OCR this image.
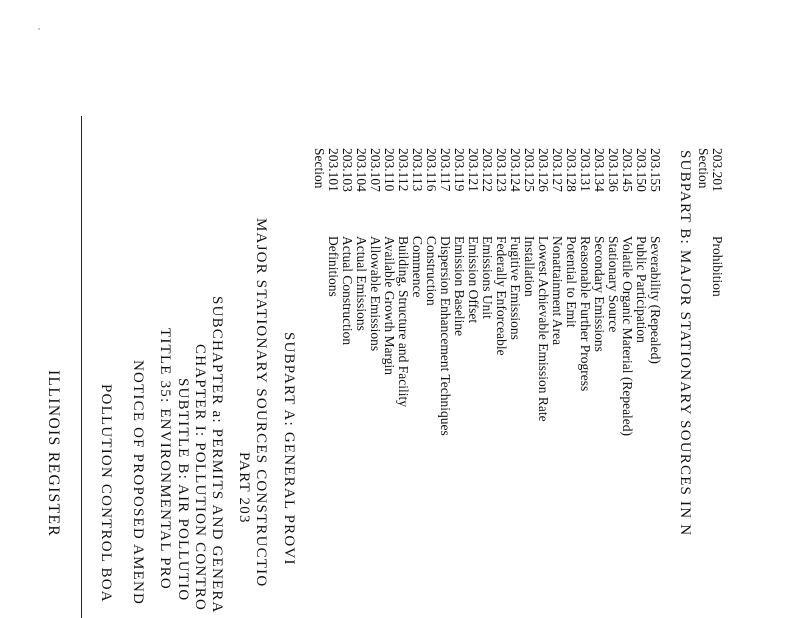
ILLINOIS REGISTER POLLUTION CONTROL BOA NOTICE OF PROPOSED AMEND TITLE 35: ENVIRONMENTAL PRO SUBTITLE B: AIR POLLUTIO CHAPTER I: POLLUTION CONTRO SUBCHAPTER a: PERMITS AND GENERA PART 203 MAJOR STATIONARY SOURCES CONSTRUCTIO SUBPART A: GENERAL PROVI
Section 203.101
Definitions
203.103
Actual Construction
203.104
Actual Emissions
203.107
Allowable Emissions
203.110
Available Growth Margin
203.112
Building, Structure and Facility
203.113
Commence
203.116
Construction
203.117
Dispersion Enhancement Techniques
203.119
Emission Baseline
203.121
Emission Offset
203.122
Emissions Unit
203.123
Federally Enforceable
203.124
Fugitive Emissions
203.125
Installation
203.126
Lowest Achievable Emission Rate
203.127
Nonattainment Area
203.128
Potential to Emit
203.131
Reasonable Further Progress
203.134
Secondary Emissions
203.136
Stationary Source
203.145
Volatile Organic Material (Repealed)
203.150
Public Participation
203.155
Severability (Repealed) SUBPART B: MAJOR STATIONARY SOURCES IN N Section 203.201
Prohibition
